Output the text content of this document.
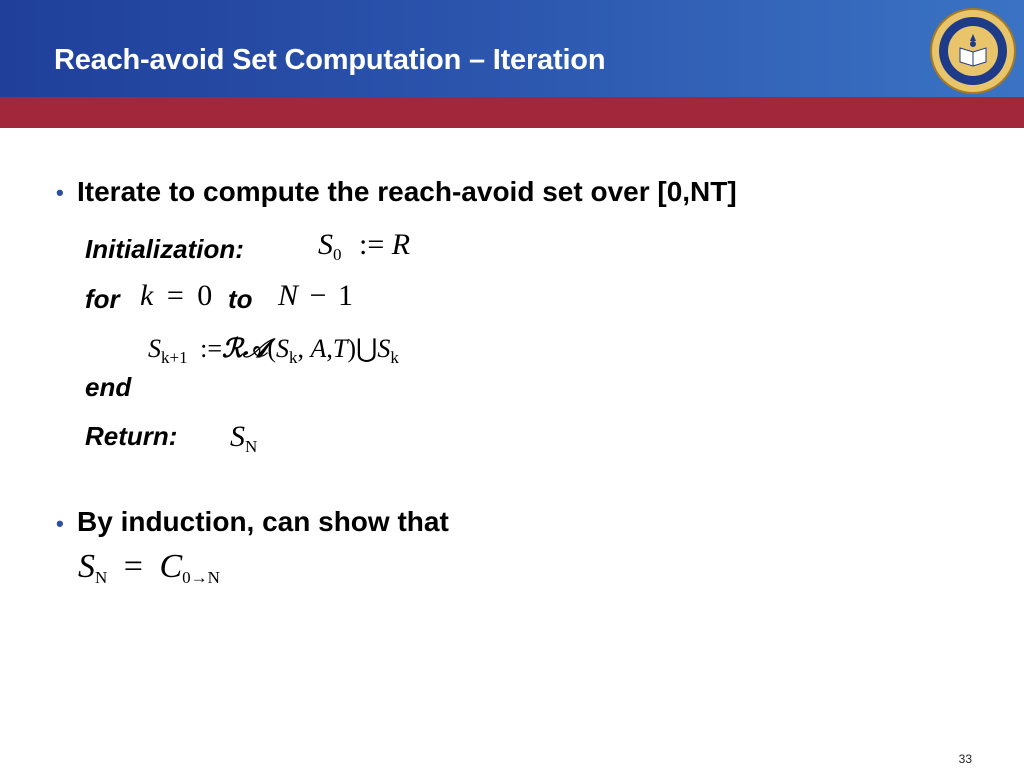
Reach-avoid Set Computation – Iteration
• Iterate to compute the reach-avoid set over [0,NT]
Initialization: $S_0$ := R
for k = 0 to N − 1
$S_{k+1}$ $:=ℛ𝒜(S_k$, $A,T)⋃S_k$
end
Return: $S_N$
• By induction, can show that
$S_N = C_{0\to N}$
33
